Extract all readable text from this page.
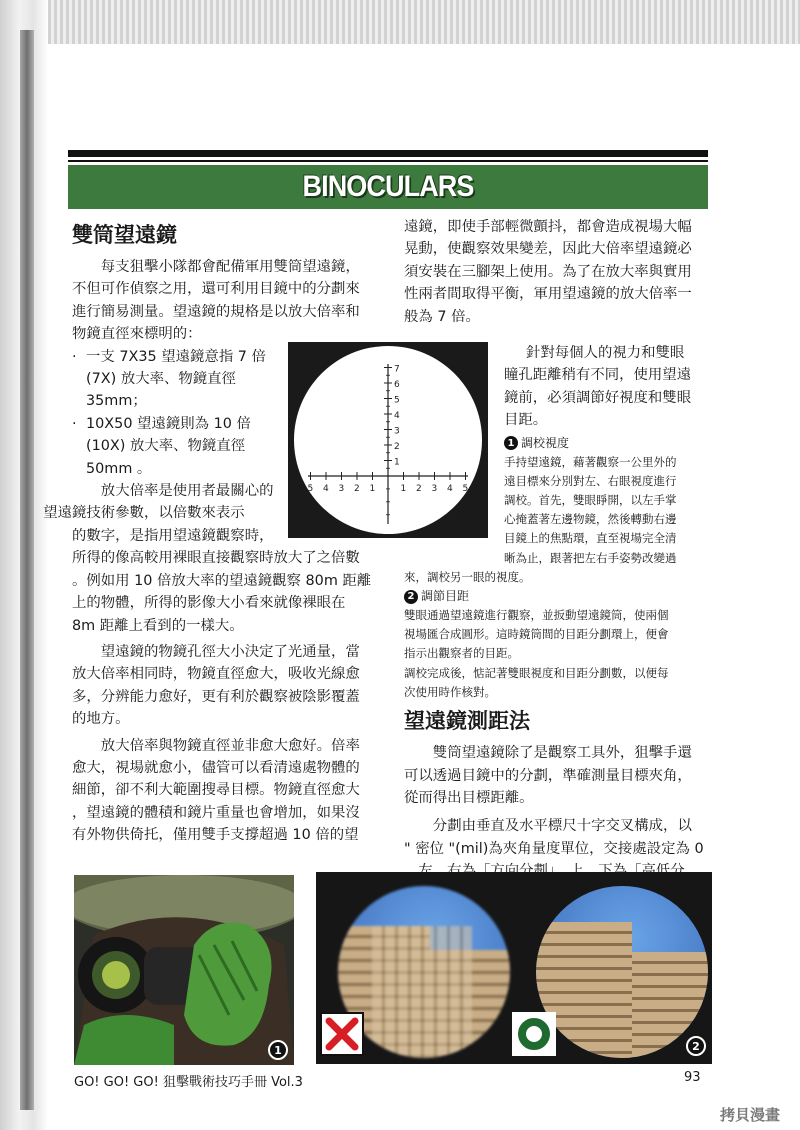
BINOCULARS
雙筒望遠鏡

每支狙擊小隊都會配備軍用雙筒望遠鏡，
不但可作偵察之用，還可利用目鏡中的分劃來
進行簡易測量。望遠鏡的規格是以放大倍率和
物鏡直徑來標明的：

· 一支 7X35 望遠鏡意指 7 倍
(7X) 放大率、物鏡直徑
35mm；
· 10X50 望遠鏡則為 10 倍
(10X) 放大率、物鏡直徑
50mm 。

放大倍率是使用者最關心的
望遠鏡技術參數，以倍數來表示
的數字，是指用望遠鏡觀察時，
所得的像高較用裸眼直接觀察時放大了之倍數
。例如用 10 倍放大率的望遠鏡觀察 80m 距離
上的物體，所得的影像大小看來就像裸眼在
8m 距離上看到的一樣大。

望遠鏡的物鏡孔徑大小決定了光通量，當
放大倍率相同時，物鏡直徑愈大，吸收光線愈
多，分辨能力愈好，更有利於觀察被陰影覆蓋
的地方。

放大倍率與物鏡直徑並非愈大愈好。倍率
愈大，視場就愈小，儘管可以看清遠處物體的
細節，卻不利大範圍搜尋目標。物鏡直徑愈大
，望遠鏡的體積和鏡片重量也會增加，如果沒
有外物供倚托，僅用雙手支撐超過 10 倍的望

7
6
5
4
3
2
1
5 4 3 2 1	1 2 3 4 5

遠鏡，即使手部輕微顫抖，都會造成視場大幅
晃動，使觀察效果變差，因此大倍率望遠鏡必
須安裝在三腳架上使用。為了在放大率與實用
性兩者間取得平衡，軍用望遠鏡的放大倍率一
般為 7 倍。

針對每個人的視力和雙眼
瞳孔距離稍有不同，使用望遠
鏡前，必須調節好視度和雙眼
目距。

1 調校視度
手持望遠鏡，藉著觀察一公里外的
遠目標來分別對左、右眼視度進行
調校。首先，雙眼睜開，以左手掌
心掩蓋著左邊物鏡，然後轉動右邊
目鏡上的焦點環，直至視場完全清
晰為止，跟著把左右手姿勢改變過
來，調校另一眼的視度。
2 調節目距
雙眼通過望遠鏡進行觀察，並扳動望遠鏡筒，使兩個
視場匯合成圓形。這時鏡筒間的目距分劃環上，便會
指示出觀察者的目距。
調校完成後，惦記著雙眼視度和目距分劃數，以便每
次使用時作核對。
望遠鏡測距法

雙筒望遠鏡除了是觀察工具外，狙擊手還
可以透過目鏡中的分劃，準確測量目標夾角，
從而得出目標距離。

分劃由垂直及水平標尺十字交叉構成，以
" 密位 "(mil)為夾角量度單位，交接處設定為 0

1	2
GO! GO! GO! 狙擊戰術技巧手冊 Vol.3	93
拷貝漫畫
